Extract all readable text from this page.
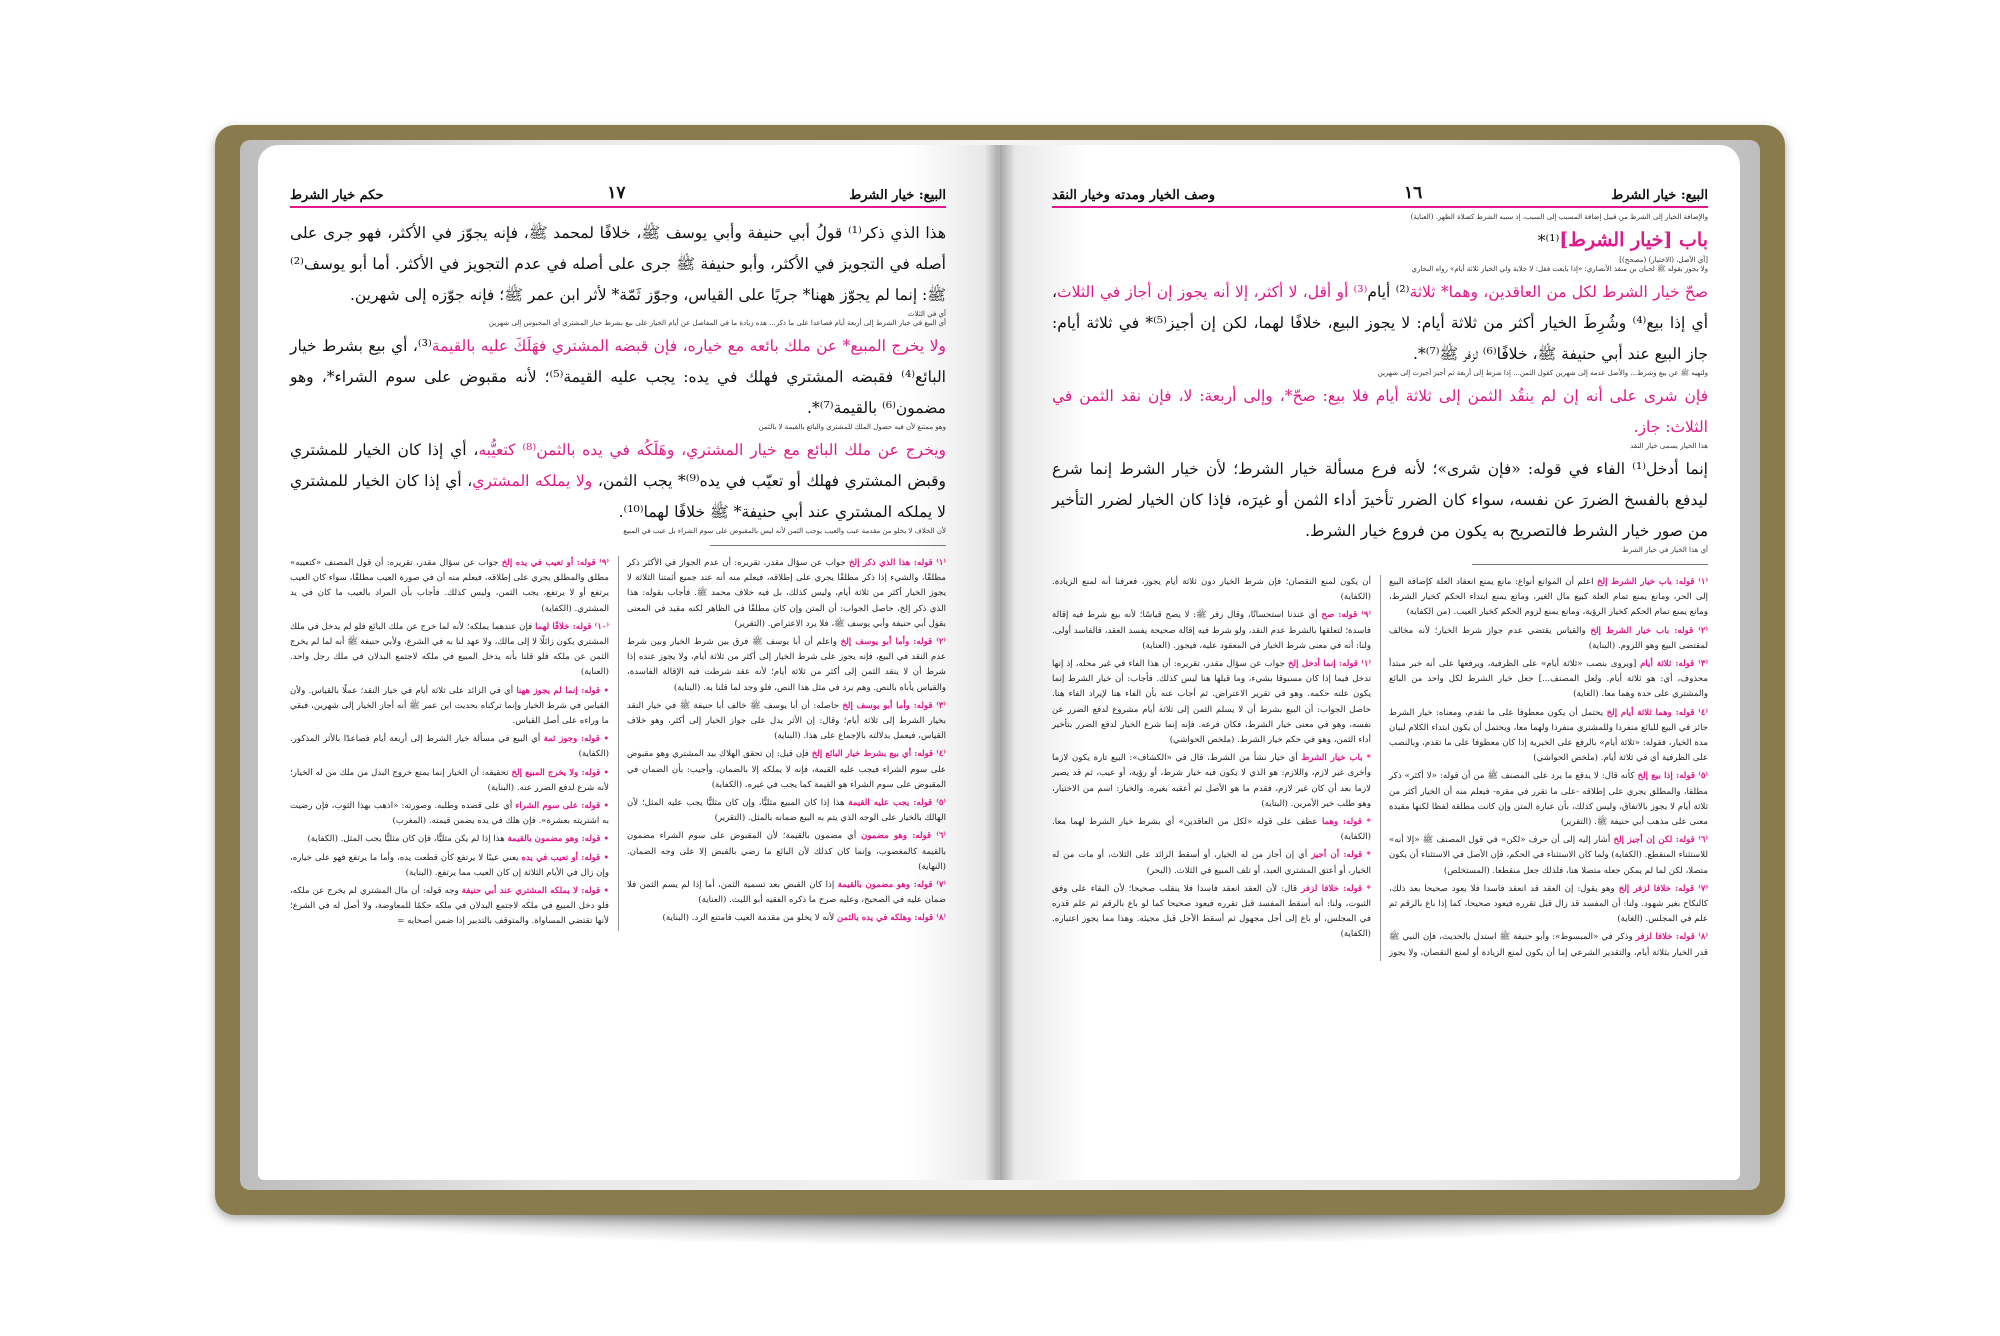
البيع: خيار الشرط
١٧
حكم خيار الشرط

هذا الذي ذكر⁽¹⁾ قولُ أبي حنيفة وأبي يوسف ﷺ، خلافًا لمحمد ﷺ، فإنه يجوّز في الأكثر، فهو جرى على أصله في التجويز في الأكثر، وأبو حنيفة ﷺ جرى على أصله في عدم التجويز في الأكثر. أما أبو يوسف⁽²⁾ ﷺ: إنما لم يجوّز ههنا* جريًا على القياس، وجوّز ثَمّة* لأثر ابن عمر ﷺ؛ فإنه جوّزه إلى شهرين.

أي في الثلاث
أي البيع في خيار الشرط إلى أربعة أيام فصاعدا على ما ذكر... هذه زيادة ما في المفاصل عن أيام الخيار على بيع بشرط خيار المشتري أي المحبوس إلى شهرين

ولا يخرج المبيع* عن ملك بائعه مع خياره، فإن قبضه المشتري فهَلَكَ عليه بالقيمة⁽³⁾، أي بيع بشرط خيار البائع⁽⁴⁾ فقبضه المشتري فهلك في يده: يجب عليه القيمة⁽⁵⁾؛ لأنه مقبوض على سوم الشراء*، وهو مضمون⁽⁶⁾ بالقيمة⁽⁷⁾*.

وهو ممتنع لأن فيه حصول الملك للمشتري والبائع بالقيمة لا بالثمن

ويخرج عن ملك البائع مع خيار المشتري، وهَلَكُه في يده بالثمن⁽⁸⁾ كتعيُّبه، أي إذا كان الخيار للمشتري وقبض المشتري فهلك أو تعيّب في يده⁽⁹⁾* يجب الثمن، ولا يملكه المشتري، أي إذا كان الخيار للمشتري لا يملكه المشتري عند أبي حنيفة* ﷺ خلافًا لهما⁽¹⁰⁾.

لأن الخلاف لا يخلو من مقدمة عيب والعيب يوجب الثمن لأنه ليس بالمقبوض على سوم الشراء بل عيب في المبيع

⁽١⁾ قوله: هذا الذي ذكر إلخ جواب عن سؤال مقدر، تقريره: أن عدم الجواز في الأكثر ذكر مطلقًا، والشيء إذا ذكر مطلقًا يجري على إطلاقه، فيعلم منه أنه عند جميع أئمتنا الثلاثة لا يجوز الخيار أكثر من ثلاثة أيام، وليس كذلك، بل فيه خلاف محمد ﷺ. فأجاب بقوله: هذا الذي ذكر إلخ، حاصل الجواب: أن المتن وإن كان مطلقًا في الظاهر لكنه مقيد في المعنى بقول أبي حنيفة وأبي يوسف ﷺ، فلا يرد الاعتراض. (التقرير)

⁽٢⁾ قوله: وأما أبو يوسف إلخ واعلم أن أبا يوسف ﷺ فرق بين شرط الخيار وبين شرط عدم النقد في البيع، فإنه يجوز على شرط الخيار إلى أكثر من ثلاثة أيام، ولا يجوز عنده إذا شرط أن لا ينقد الثمن إلى أكثر من ثلاثة أيام؛ لأنه عقد شرطت فيه الإقالة الفاسدة، والقياس يأباه بالنص. وهم يرد في مثل هذا النص، فلو وجد لما قلنا به. (البناية)

⁽٣⁾ قوله: وأما أبو يوسف إلخ حاصله: أن أبا يوسف ﷺ خالف أبا حنيفة ﷺ في خيار النقد بخيار الشرط إلى ثلاثة أيام؛ وقال: إن الأثر يدل على جواز الخيار إلى أكثر، وهو خلاف القياس، فيعمل بدلالته بالإجماع على هذا. (البناية)

⁽٤⁾ قوله: أي بيع بشرط خيار البائع إلخ فإن قيل: إن تحقق الهلاك بيد المشتري وهو مقبوض على سوم الشراء فيجب عليه القيمة، فإنه لا يملكه إلا بالضمان. وأجيب: بأن الضمان في المقبوض على سوم الشراء هو القيمة كما يجب في غيره. (الكفاية)

⁽٥⁾ قوله: يجب عليه القيمة هذا إذا كان المبيع مثليًّا، وإن كان مثليًّا يجب عليه المثل؛ لأن الهالك بالخيار على الوجه الذي يتم به البيع ضمانه بالمثل. (التقرير)

⁽٦⁾ قوله: وهو مضمون أي مضمون بالقيمة؛ لأن المقبوض على سوم الشراء مضمون بالقيمة كالمغصوب، وإنما كان كذلك لأن البائع ما رضي بالقبض إلا على وجه الضمان. (النهاية)

⁽٧⁾ قوله: وهو مضمون بالقيمة إذا كان القبض بعد تسمية الثمن، أما إذا لم يسم الثمن فلا ضمان عليه في الصحيح، وعليه صرح ما ذكره الفقيه أبو الليث. (العناية)

⁽٨⁾ قوله: وهلكه في يده بالثمن لأنه لا يخلو من مقدمة العيب فامتنع الرد. (البناية)

⁽٩⁾ قوله: أو تعيب في يده إلخ جواب عن سؤال مقدر، تقريره: أن قول المصنف «كتعيبه» مطلق والمطلق يجري على إطلاقه، فيعلم منه أن في صورة العيب مطلقًا، سواء كان العيب يرتفع أو لا يرتفع، يجب الثمن، وليس كذلك. فأجاب بأن المراد بالعيب ما كان في يد المشتري. (الكفاية)

⁽١٠⁾ قوله: خلافًا لهما فإن عندهما يملكه؛ لأنه لما خرج عن ملك البائع فلو لم يدخل في ملك المشتري يكون زائلًا لا إلى مالك، ولا عهد لنا به في الشرع، ولأبي حنيفة ﷺ أنه لما لم يخرج الثمن عن ملكه فلو قلنا بأنه يدخل المبيع في ملكه لاجتمع البدلان في ملك رجل واحد. (العناية)

• قوله: إنما لم يجوز ههنا أي في الزائد على ثلاثة أيام في خيار النقد؛ عملًا بالقياس. ولأن القياس في شرط الخيار وإنما تركناه بحديث ابن عمر ﷺ أنه أجاز الخيار إلى شهرين، فبقي ما وراءه على أصل القياس.

• قوله: وجوز ثمة أي البيع في مسألة خيار الشرط إلى أربعة أيام فصاعدًا بالأثر المذكور. (الكفاية)

• قوله: ولا يخرج المبيع إلخ تحقيقه: أن الخيار إنما يمنع خروج البدل من ملك من له الخيار؛ لأنه شرع لدفع الضرر عنه. (البناية)

• قوله: على سوم الشراء أي على قصده وطلبه. وصورته: «اذهب بهذا الثوب، فإن رضيت به اشتريته بعشرة». فإن هلك في يده يضمن قيمته. (المغرب)

• قوله: وهو مضمون بالقيمة هذا إذا لم يكن مثليًّا، فإن كان مثليًّا يجب المثل. (الكفاية)

• قوله: أو تعيب في يده يعني عيبًا لا يرتفع كأن قطعت يده، وأما ما يرتفع فهو على خياره، وإن زال في الأيام الثلاثة إن كان العيب مما يرتفع. (البناية)

• قوله: لا يملكه المشتري عند أبي حنيفة وجه قوله: أن مال المشتري لم يخرج عن ملكه، فلو دخل المبيع في ملكه لاجتمع البدلان في ملكه حكمًا للمعاوضة، ولا أصل له في الشرع؛ لأنها تقتضي المساواة. والمتوقف بالتدبير إذا ضمن أصحابه =

البيع: خيار الشرط
١٦
وصف الخيار ومدته وخيار النقد
والإضافة الخيار إلى الشرط من قبيل إضافة المسبب إلى السبب، إذ سببه الشرط كصلاة الظهر. (العناية)

باب [خيار الشرط]⁽¹⁾*

[أي الأصل. (الاختيار) (مصحح)]
ولا يجوز بقوله ﷺ لحبان بن منقذ الأنصاري: «إذا بايعت فقل: لا خلابة ولي الخيار ثلاثة أيام» رواه البخاري

صحّ خيار الشرط لكل من العاقدين، وهما* ثلاثة⁽²⁾ أيام⁽³⁾ أو أقل، لا أكثر، إلا أنه يجوز إن أجاز في الثلاث، أي إذا بيع⁽⁴⁾ وشُرِطَ الخيار أكثر من ثلاثة أيام: لا يجوز البيع، خلافًا لهما، لكن إن أجيز⁽⁵⁾* في ثلاثة أيام: جاز البيع عند أبي حنيفة ﷺ، خلافًا⁽⁶⁾ لزفر ﷺ⁽⁷⁾*.

ولنهيه ﷺ عن بيع وشرط... والأصل عدمه إلى شهرين كقول الثمن... إذا شرط إلى أربعة ثم أجيز أجيزت إلى شهرين

فإن شرى على أنه إن لم ينقُد الثمن إلى ثلاثة أيام فلا بيع: صحّ*، وإلى أربعة: لا، فإن نقد الثمن في الثلاث: جاز.

هذا الخيار يسمى خيار النقد

إنما أدخل⁽¹⁾ الفاء في قوله: «فإن شرى»؛ لأنه فرع مسألة خيار الشرط؛ لأن خيار الشرط إنما شرع ليدفع بالفسخ الضررَ عن نفسه، سواء كان الضرر تأخيرَ أداء الثمن أو غيرَه، فإذا كان الخيار لضرر التأخير من صور خيار الشرط فالتصريح به يكون من فروع خيار الشرط.

أي هذا الخيار في خيار الشرط

⁽١⁾ قوله: باب خيار الشرط إلخ اعلم أن الموانع أنواع: مانع يمنع انعقاد العلة كإضافة البيع إلى الحر، ومانع يمنع تمام العلة كبيع مال الغير، ومانع يمنع ابتداء الحكم كخيار الشرط، ومانع يمنع تمام الحكم كخيار الرؤية، ومانع يمنع لزوم الحكم كخيار العيب. (من الكفاية)

⁽٢⁾ قوله: باب خيار الشرط إلخ والقياس يقتضي عدم جواز شرط الخيار؛ لأنه مخالف لمقتضى البيع وهو اللزوم. (البناية)

⁽٣⁾ قوله: ثلاثة أيام [ويروى بنصب «ثلاثة أيام» على الظرفية، ويرفعها على أنه خبر مبتدأ محذوف، أي: هو ثلاثة أيام. ولعل المصنف...] جعل خيار الشرط لكل واحد من البائع والمشتري على حدة وهما معا. (الغاية)

⁽٤⁾ قوله: وهما ثلاثة أيام إلخ يحتمل أن يكون معطوفا على ما تقدم، ومعناه: خيار الشرط جائز في البيع للبائع منفردا وللمشتري منفردا ولهما معا، ويحتمل أن يكون ابتداء الكلام لبيان مدة الخيار، فقوله: «ثلاثة أيام» بالرفع على الخبرية إذا كان معطوفا على ما تقدم، وبالنصب على الظرفية أي في ثلاثة أيام. (ملخص الحواشي)

⁽٥⁾ قوله: إذا بيع إلخ كأنه قال: لا يدفع ما يرد على المصنف ﷺ من أن قوله: «لا أكثر» ذكر مطلقا، والمطلق يجري على إطلاقه -على ما تقرر في مقره- فيعلم منه أن الخيار أكثر من ثلاثة أيام لا يجوز بالاتفاق، وليس كذلك، بأن عبارة المتن وإن كانت مطلقة لفظا لكنها مقيدة معنى على مذهب أبي حنيفة ﷺ. (التقرير)

⁽٦⁾ قوله: لكن إن أجيز إلخ أشار إليه إلى أن حرف «لكن» في قول المصنف ﷺ «إلا أنه» للاستثناء المنقطع. (الكفاية) ولما كان الاستثناء في الحكم، فإن الأصل في الاستثناء أن يكون متصلا، لكن لما لم يمكن جعله متصلا هنا، فلذلك جعل منقطعا. (المستخلص)

⁽٧⁾ قوله: خلافا لزفر إلخ وهو يقول: إن العقد قد انعقد فاسدا فلا يعود صحيحا بعد ذلك، كالنكاح بغير شهود. ولنا: أن المفسد قد زال قبل تقرره فيعود صحيحا، كما إذا باع بالرقم ثم علم في المجلس. (الغاية)

⁽٨⁾ قوله: خلافا لزفر وذكر في «المبسوط»: وأبو حنيفة ﷺ استدل بالحديث، فإن النبي ﷺ قدر الخيار بثلاثة أيام، والتقدير الشرعي إما أن يكون لمنع الزيادة أو لمنع النقصان، ولا يجوز أن يكون لمنع النقصان؛ فإن شرط الخيار دون ثلاثة أيام يجوز، فعرفنا أنه لمنع الزيادة. (الكفاية)

⁽٩⁾ قوله: صح أي عندنا استحسانًا، وقال زفر ﷺ: لا يصح قياسًا؛ لأنه بيع شرط فيه إقالة فاسدة؛ لتعلقها بالشرط عدم النقد، ولو شرط فيه إقالة صحيحة يفسد العقد، فالفاسد أولى. ولنا: أنه في معنى شرط الخيار في المعقود عليه، فيجوز. (العناية)

⁽١⁠⁾ قوله: إنما أدخل إلخ جواب عن سؤال مقدر، تقريره: أن هذا الفاء في غير محله، إذ إنها تدخل فيما إذا كان مسبوقا بشيء، وما قبلها هنا ليس كذلك. فأجاب: أن خيار الشرط إنما يكون علته حكمه. وهو في تقرير الاعتراض. ثم أجاب عنه بأن الفاء هنا لإيراد الفاء هنا. حاصل الجواب: أن البيع بشرط أن لا يسلم الثمن إلى ثلاثة أيام مشروع لدفع الضرر عن نفسه، وهو في معنى خيار الشرط، فكان فرعه. فإنه إنما شرع الخيار لدفع الضرر بتأخير أداء الثمن، وهو في حكم خيار الشرط. (ملخص الحواشي)

* باب خيار الشرط أي خيار نشأ من الشرط، قال في «الكشاف»: البيع تارة يكون لازما وأخرى غير لازم، واللازم: هو الذي لا يكون فيه خيار شرط، أو رؤية، أو عيب، ثم قد يصير لازما بعد أن كان غير لازم، فقدم ما هو الأصل ثم أعقبه بغيره. والخيار: اسم من الاختيار، وهو طلب خير الأمرين. (البناية)

* قوله: وهما عطف على قوله «لكل من العاقدين» أي بشرط خيار الشرط لهما معا. (الكفاية)

* قوله: أن أجيز أي إن أجاز من له الخيار، أو أسقط الزائد على الثلاث، أو مات من له الخيار، أو أعتق المشتري العبد، أو تلف المبيع في الثلاث. (البحر)

* قوله: خلافا لزفر قال: لأن العقد انعقد فاسدا فلا ينقلب صحيحا؛ لأن البقاء على وفق الثبوت، ولنا: أنه أسقط المفسد قبل تقرره فيعود صحيحا كما لو باع بالرقم ثم علم قدره في المجلس، أو باع إلى أجل مجهول ثم أسقط الأجل قبل مجيئه. وهذا مما يجوز اعتباره. (الكفاية)
